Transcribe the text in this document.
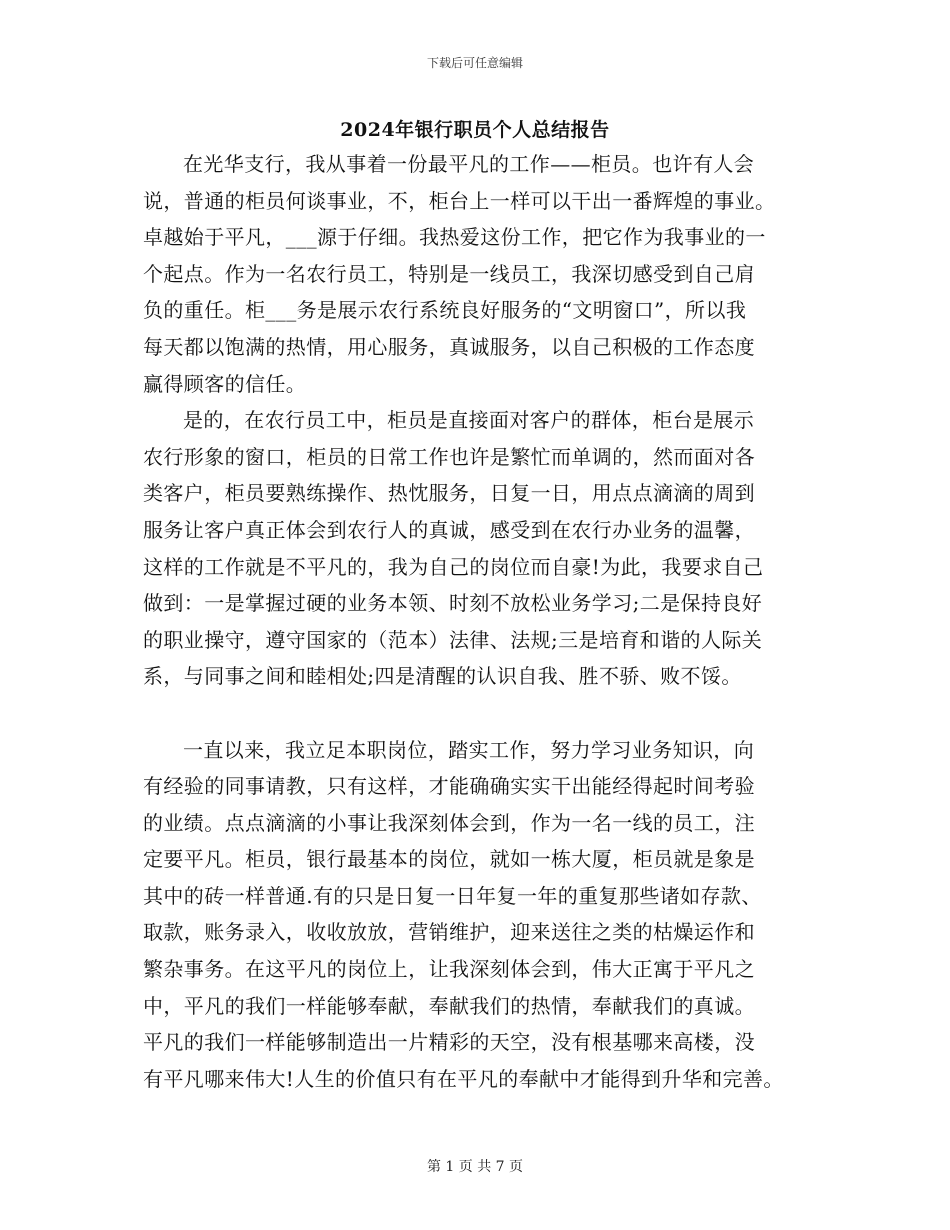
下载后可任意编辑
2024年银行职员个人总结报告
在光华支行，我从事着一份最平凡的工作——柜员。也许有人会
说，普通的柜员何谈事业，不，柜台上一样可以干出一番辉煌的事业。
卓越始于平凡，___源于仔细。我热爱这份工作，把它作为我事业的一
个起点。作为一名农行员工，特别是一线员工，我深切感受到自己肩
负的重任。柜___务是展示农行系统良好服务的“文明窗口”，所以我
每天都以饱满的热情，用心服务，真诚服务，以自己积极的工作态度
赢得顾客的信任。
是的，在农行员工中，柜员是直接面对客户的群体，柜台是展示
农行形象的窗口，柜员的日常工作也许是繁忙而单调的，然而面对各
类客户，柜员要熟练操作、热忱服务，日复一日，用点点滴滴的周到
服务让客户真正体会到农行人的真诚，感受到在农行办业务的温馨，
这样的工作就是不平凡的，我为自己的岗位而自豪!为此，我要求自己
做到：一是掌握过硬的业务本领、时刻不放松业务学习;二是保持良好
的职业操守，遵守国家的（范本）法律、法规;三是培育和谐的人际关
系，与同事之间和睦相处;四是清醒的认识自我、胜不骄、败不馁。
一直以来，我立足本职岗位，踏实工作，努力学习业务知识，向
有经验的同事请教，只有这样，才能确确实实干出能经得起时间考验
的业绩。点点滴滴的小事让我深刻体会到，作为一名一线的员工，注
定要平凡。柜员，银行最基本的岗位，就如一栋大厦，柜员就是象是
其中的砖一样普通.有的只是日复一日年复一年的重复那些诸如存款、
取款，账务录入，收收放放，营销维护，迎来送往之类的枯燥运作和
繁杂事务。在这平凡的岗位上，让我深刻体会到，伟大正寓于平凡之
中，平凡的我们一样能够奉献，奉献我们的热情，奉献我们的真诚。
平凡的我们一样能够制造出一片精彩的天空，没有根基哪来高楼，没
有平凡哪来伟大!人生的价值只有在平凡的奉献中才能得到升华和完善。
第 1 页 共 7 页
